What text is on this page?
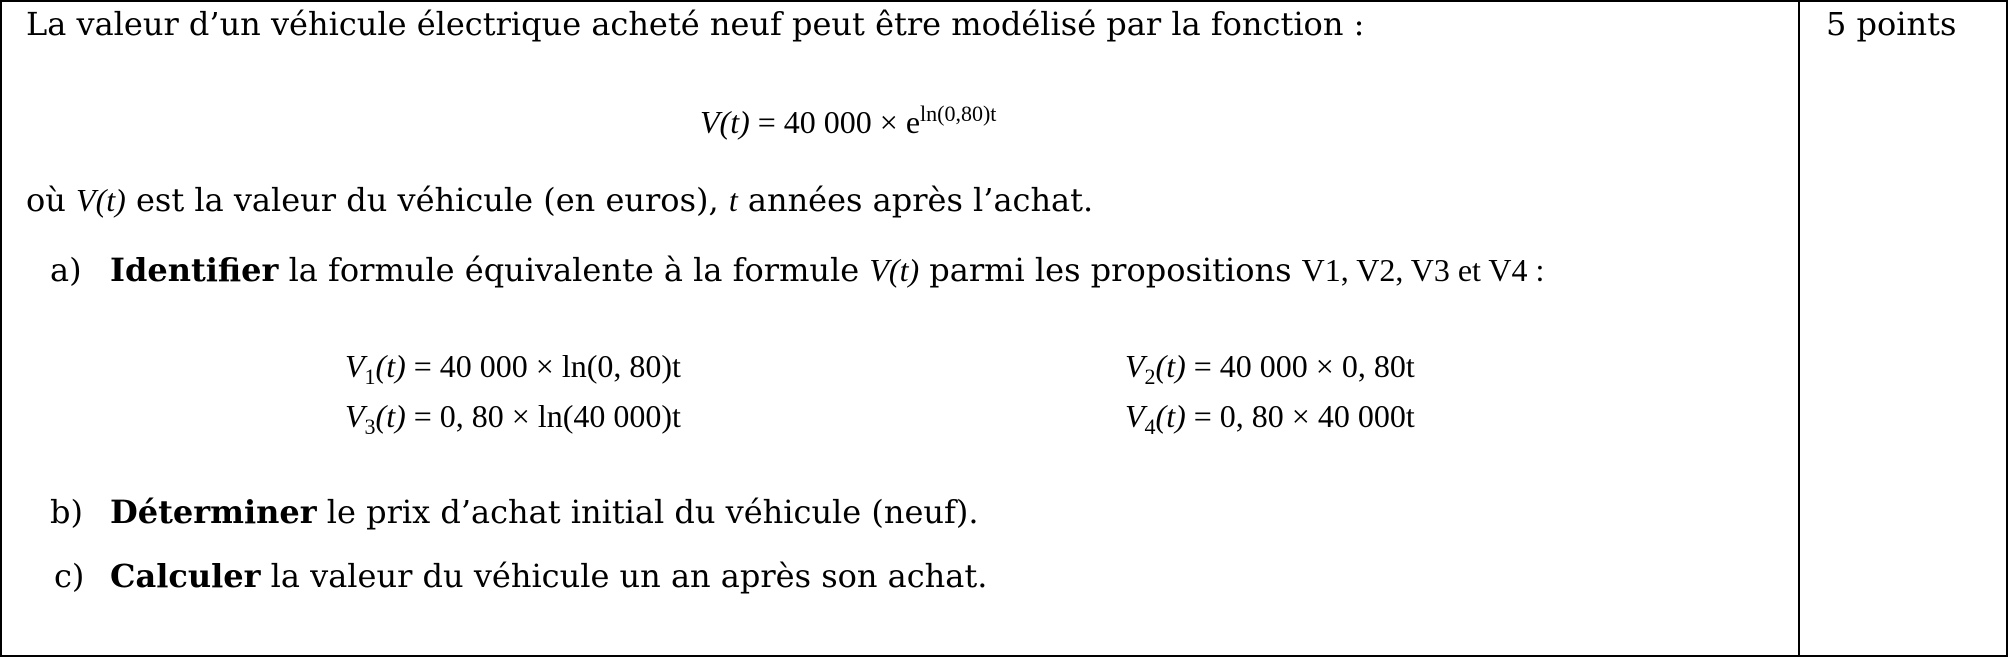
5 points
La valeur d’un véhicule électrique acheté neuf peut être modélisé par la fonction :
V(t) = 40 $000 \times e^{ln(0,80)t}$
où V(t) est la valeur du véhicule (en euros), t années après l’achat.
a) Identifier la formule équivalente à la formule V(t) parmi les propositions V1, V2, V3 et V4 :
$V_1(t) = 40$ 000 × ln(0, 80)t	$V_2(t) = 40$ 000 × 0, 80t
$V_3(t) = 0$, 80 × ln(40 000)t	$V_4(t) = 0$, 80 × 40 000t
b) Déterminer le prix d’achat initial du véhicule (neuf).
c) Calculer la valeur du véhicule un an après son achat.
